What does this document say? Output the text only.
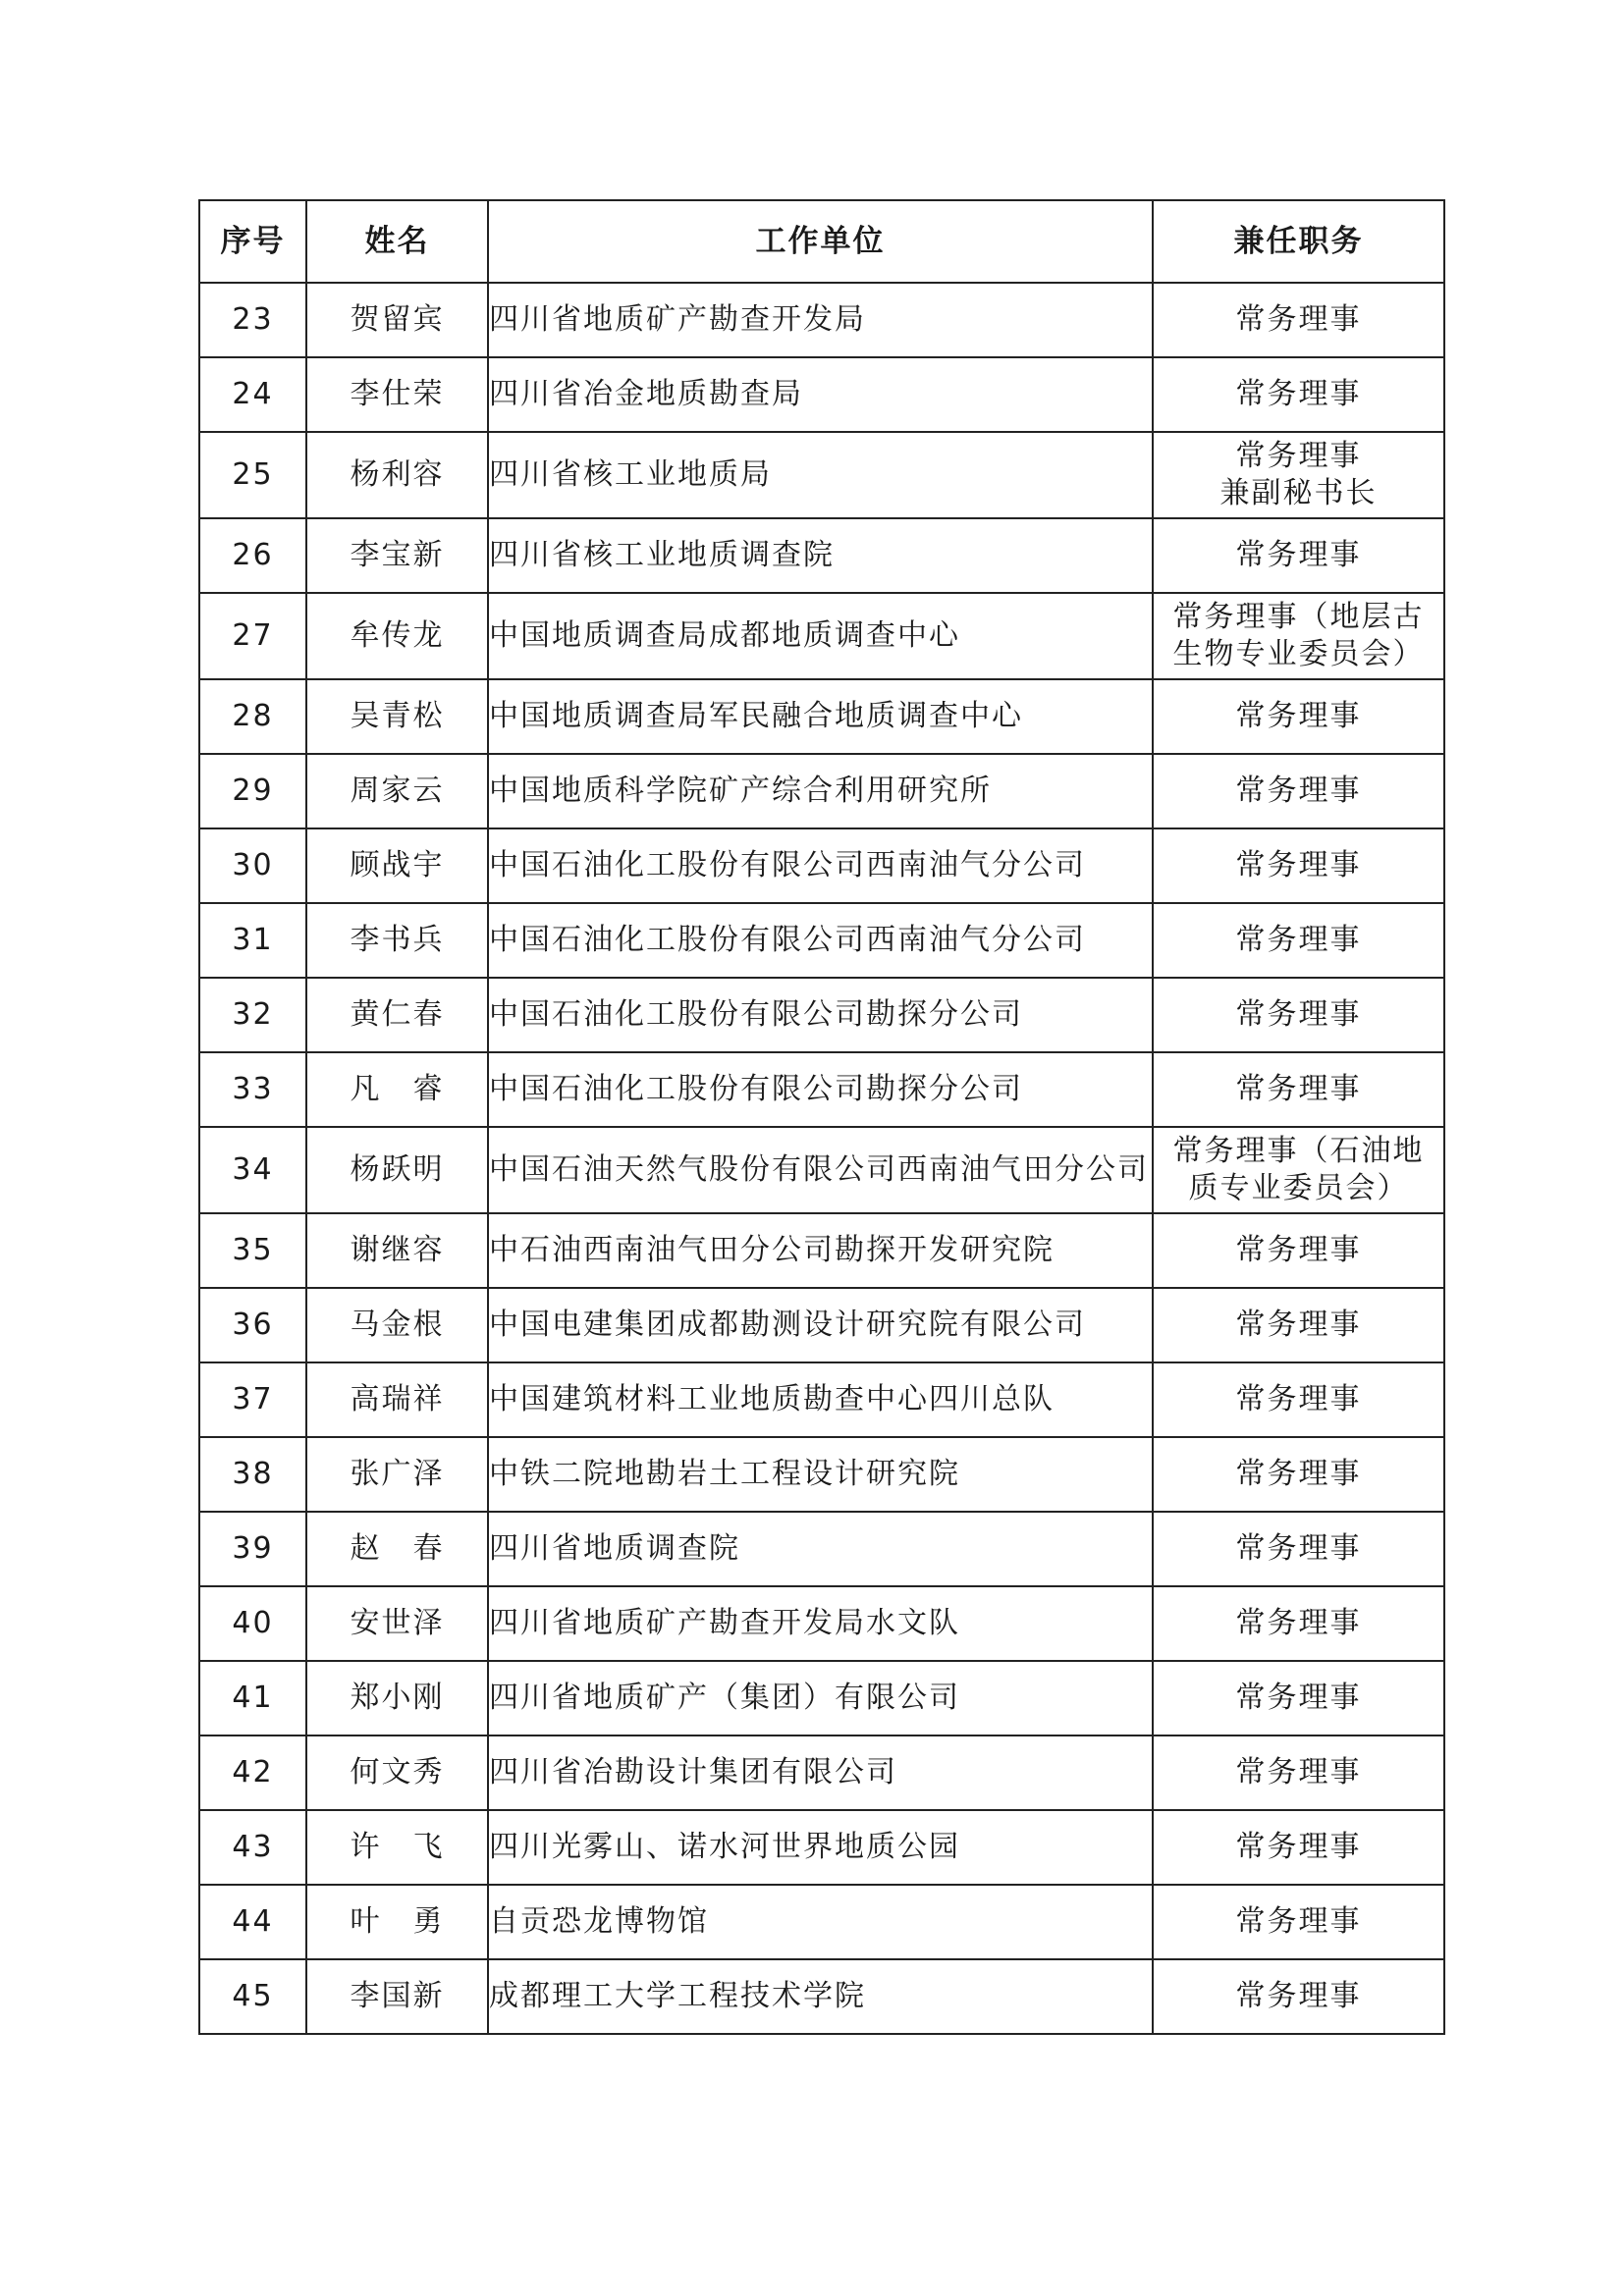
序号	姓名	工作单位	兼任职务
23	贺留宾	四川省地质矿产勘查开发局	常务理事

24	李仕荣	四川省冶金地质勘查局	常务理事

25	杨利容	四川省核工业地质局	常务理事
兼副秘书长

26	李宝新	四川省核工业地质调查院	常务理事

27	牟传龙	中国地质调查局成都地质调查中心	常务理事（地层古
生物专业委员会）

28	吴青松	中国地质调查局军民融合地质调查中心	常务理事

29	周家云	中国地质科学院矿产综合利用研究所	常务理事

30	顾战宇	中国石油化工股份有限公司西南油气分公司	常务理事

31	李书兵	中国石油化工股份有限公司西南油气分公司	常务理事

32	黄仁春	中国石油化工股份有限公司勘探分公司	常务理事

33	凡　睿	中国石油化工股份有限公司勘探分公司	常务理事

34	杨跃明	中国石油天然气股份有限公司西南油气田分公司	常务理事（石油地
质专业委员会）

35	谢继容	中石油西南油气田分公司勘探开发研究院	常务理事

36	马金根	中国电建集团成都勘测设计研究院有限公司	常务理事

37	高瑞祥	中国建筑材料工业地质勘查中心四川总队	常务理事

38	张广泽	中铁二院地勘岩土工程设计研究院	常务理事

39	赵　春	四川省地质调查院	常务理事

40	安世泽	四川省地质矿产勘查开发局水文队	常务理事

41	郑小刚	四川省地质矿产（集团）有限公司	常务理事

42	何文秀	四川省冶勘设计集团有限公司	常务理事

43	许　飞	四川光雾山、诺水河世界地质公园	常务理事

44	叶　勇	自贡恐龙博物馆	常务理事

45	李国新	成都理工大学工程技术学院	常务理事
